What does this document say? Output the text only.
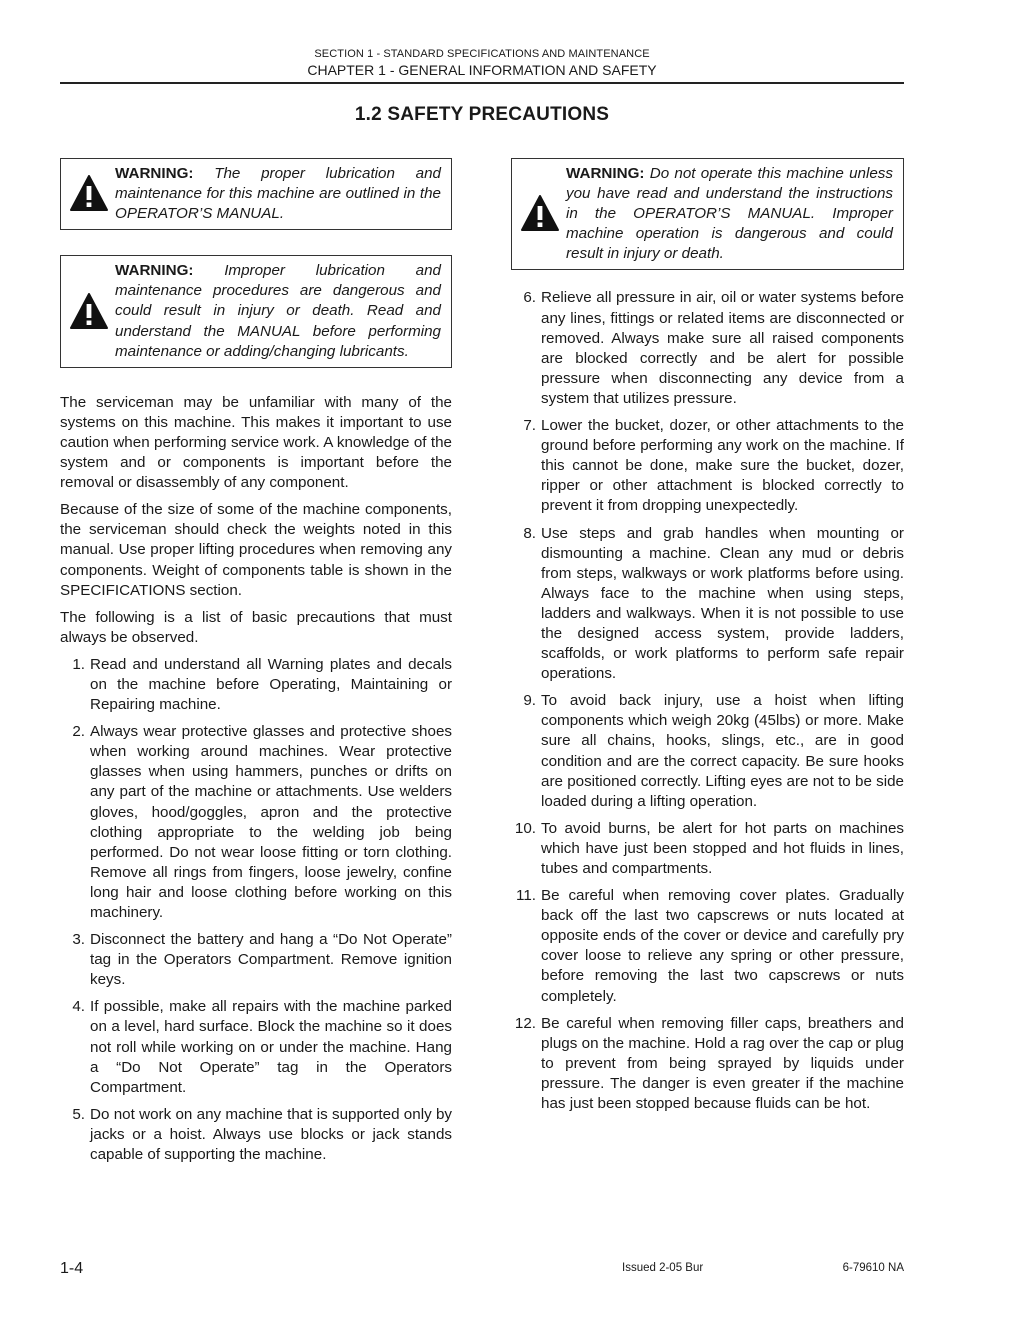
SECTION 1 - STANDARD SPECIFICATIONS AND MAINTENANCE
CHAPTER 1 - GENERAL INFORMATION AND SAFETY
1.2 SAFETY PRECAUTIONS
WARNING: The proper lubrication and maintenance for this machine are outlined in the OPERATOR’S MANUAL.
WARNING: Improper lubrication and maintenance procedures are dangerous and could result in injury or death. Read and understand the MANUAL before performing maintenance or adding/changing lubricants.

The serviceman may be unfamiliar with many of the systems on this machine. This makes it important to use caution when performing service work. A knowledge of the system and or components is important before the removal or disassembly of any component.

Because of the size of some of the machine components, the serviceman should check the weights noted in this manual. Use proper lifting procedures when removing any components. Weight of components table is shown in the SPECIFICATIONS section.

The following is a list of basic precautions that must always be observed.

1. Read and understand all Warning plates and decals on the machine before Operating, Maintaining or Repairing machine.
2. Always wear protective glasses and protective shoes when working around machines. Wear protective glasses when using hammers, punches or drifts on any part of the machine or attachments. Use welders gloves, hood/goggles, apron and the protective clothing appropriate to the welding job being performed. Do not wear loose fitting or torn clothing. Remove all rings from fingers, loose jewelry, confine long hair and loose clothing before working on this machinery.
3. Disconnect the battery and hang a “Do Not Operate” tag in the Operators Compartment. Remove ignition keys.
4. If possible, make all repairs with the machine parked on a level, hard surface. Block the machine so it does not roll while working on or under the machine. Hang a “Do Not Operate” tag in the Operators Compartment.
5. Do not work on any machine that is supported only by jacks or a hoist. Always use blocks or jack stands capable of supporting the machine.
WARNING: Do not operate this machine unless you have read and understand the instructions in the OPERATOR’S MANUAL. Improper machine operation is dangerous and could result in injury or death.
6. Relieve all pressure in air, oil or water systems before any lines, fittings or related items are disconnected or removed. Always make sure all raised components are blocked correctly and be alert for possible pressure when disconnecting any device from a system that utilizes pressure.
7. Lower the bucket, dozer, or other attachments to the ground before performing any work on the machine. If this cannot be done, make sure the bucket, dozer, ripper or other attachment is blocked correctly to prevent it from dropping unexpectedly.
8. Use steps and grab handles when mounting or dismounting a machine. Clean any mud or debris from steps, walkways or work platforms before using. Always face to the machine when using steps, ladders and walkways. When it is not possible to use the designed access system, provide ladders, scaffolds, or work platforms to perform safe repair operations.
9. To avoid back injury, use a hoist when lifting components which weigh 20kg (45lbs) or more. Make sure all chains, hooks, slings, etc., are in good condition and are the correct capacity. Be sure hooks are positioned correctly. Lifting eyes are not to be side loaded during a lifting operation.
10. To avoid burns, be alert for hot parts on machines which have just been stopped and hot fluids in lines, tubes and compartments.
11. Be careful when removing cover plates. Gradually back off the last two capscrews or nuts located at opposite ends of the cover or device and carefully pry cover loose to relieve any spring or other pressure, before removing the last two capscrews or nuts completely.
12. Be careful when removing filler caps, breathers and plugs on the machine. Hold a rag over the cap or plug to prevent from being sprayed by liquids under pressure. The danger is even greater if the machine has just been stopped because fluids can be hot.
1-4	Issued 2-05 Bur	6-79610 NA
